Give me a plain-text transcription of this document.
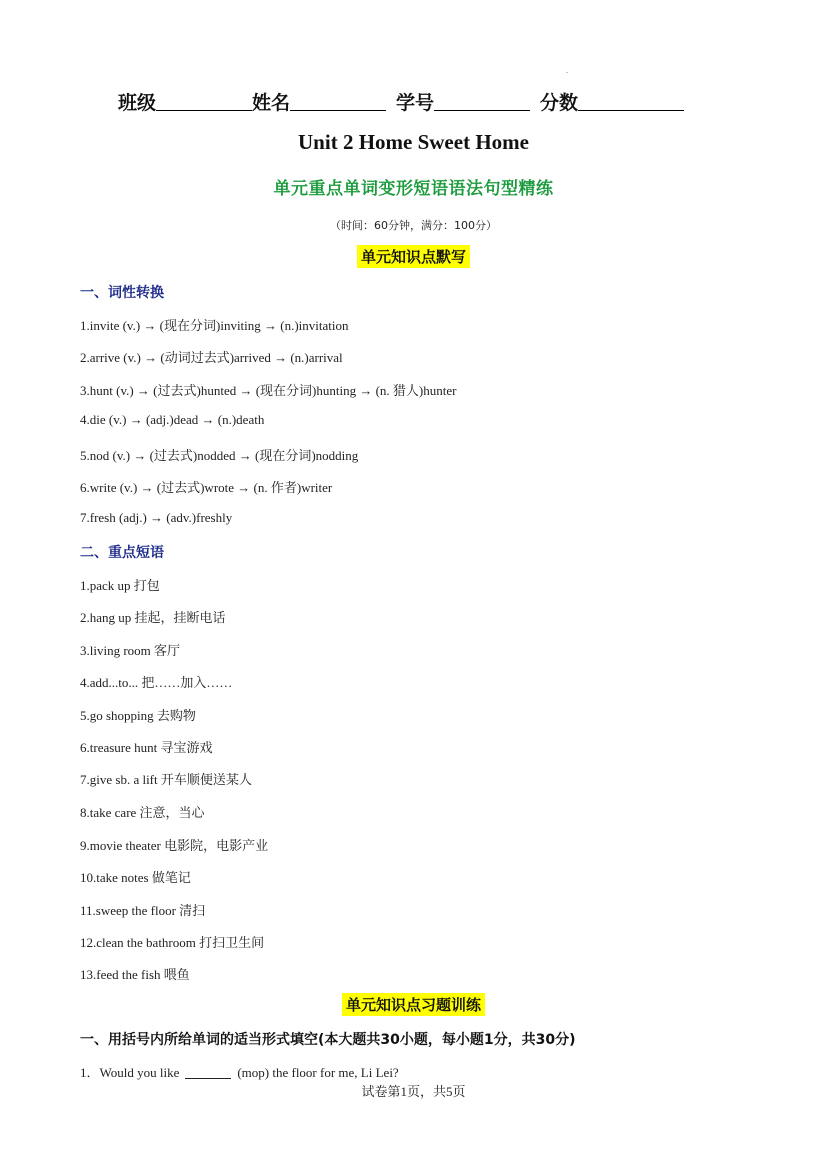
.
班级	姓名	学号	分数
Unit 2 Home Sweet Home
单元重点单词变形短语语法句型精练
（时间：60分钟，满分：100分）
单元知识点默写
一、词性转换
1.invite (v.) → (现在分词)inviting → (n.)invitation
2.arrive (v.) → (动词过去式)arrived → (n.)arrival
3.hunt (v.) → (过去式)hunted → (现在分词)hunting → (n. 猎人)hunter
4.die (v.) → (adj.)dead → (n.)death
5.nod (v.) → (过去式)nodded → (现在分词)nodding
6.write (v.) → (过去式)wrote → (n. 作者)writer
7.fresh (adj.) → (adv.)freshly
二、重点短语
1.pack up 打包
2.hang up 挂起，挂断电话
3.living room 客厅
4.add...to... 把……加入……
5.go shopping 去购物
6.treasure hunt 寻宝游戏
7.give sb. a lift 开车顺便送某人
8.take care 注意，当心
9.movie theater 电影院，电影产业
10.take notes 做笔记
11.sweep the floor 清扫
12.clean the bathroom 打扫卫生间
13.feed the fish 喂鱼
单元知识点习题训练
一、用括号内所给单词的适当形式填空(本大题共30小题，每小题1分，共30分)
1．Would you like	(mop) the floor for me, Li Lei?
试卷第1页，共5页
